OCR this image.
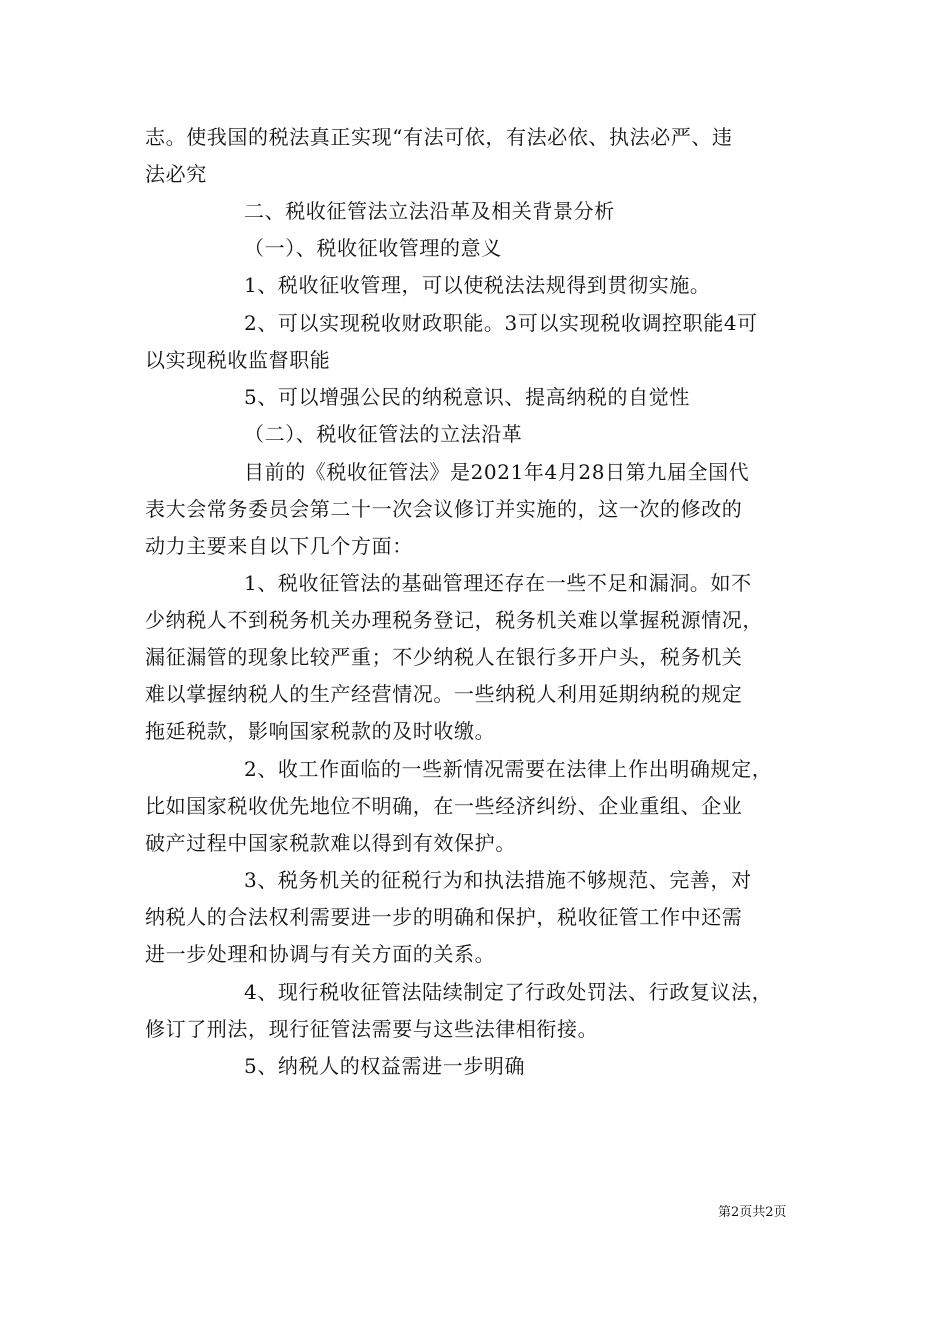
志。使我国的税法真正实现“有法可依，有法必依、执法必严、违
法必究
二、税收征管法立法沿革及相关背景分析
（一）、税收征收管理的意义
1、税收征收管理，可以使税法法规得到贯彻实施。
2、可以实现税收财政职能。3可以实现税收调控职能4可
以实现税收监督职能
5、可以增强公民的纳税意识、提高纳税的自觉性
（二）、税收征管法的立法沿革
目前的《税收征管法》是2021年4月28日第九届全国代
表大会常务委员会第二十一次会议修订并实施的，这一次的修改的
动力主要来自以下几个方面：
1、税收征管法的基础管理还存在一些不足和漏洞。如不
少纳税人不到税务机关办理税务登记，税务机关难以掌握税源情况，
漏征漏管的现象比较严重；不少纳税人在银行多开户头，税务机关
难以掌握纳税人的生产经营情况。一些纳税人利用延期纳税的规定
拖延税款，影响国家税款的及时收缴。
2、收工作面临的一些新情况需要在法律上作出明确规定，
比如国家税收优先地位不明确，在一些经济纠纷、企业重组、企业
破产过程中国家税款难以得到有效保护。
3、税务机关的征税行为和执法措施不够规范、完善，对
纳税人的合法权利需要进一步的明确和保护，税收征管工作中还需
进一步处理和协调与有关方面的关系。
4、现行税收征管法陆续制定了行政处罚法、行政复议法，
修订了刑法，现行征管法需要与这些法律相衔接。
5、纳税人的权益需进一步明确
第2页共2页
